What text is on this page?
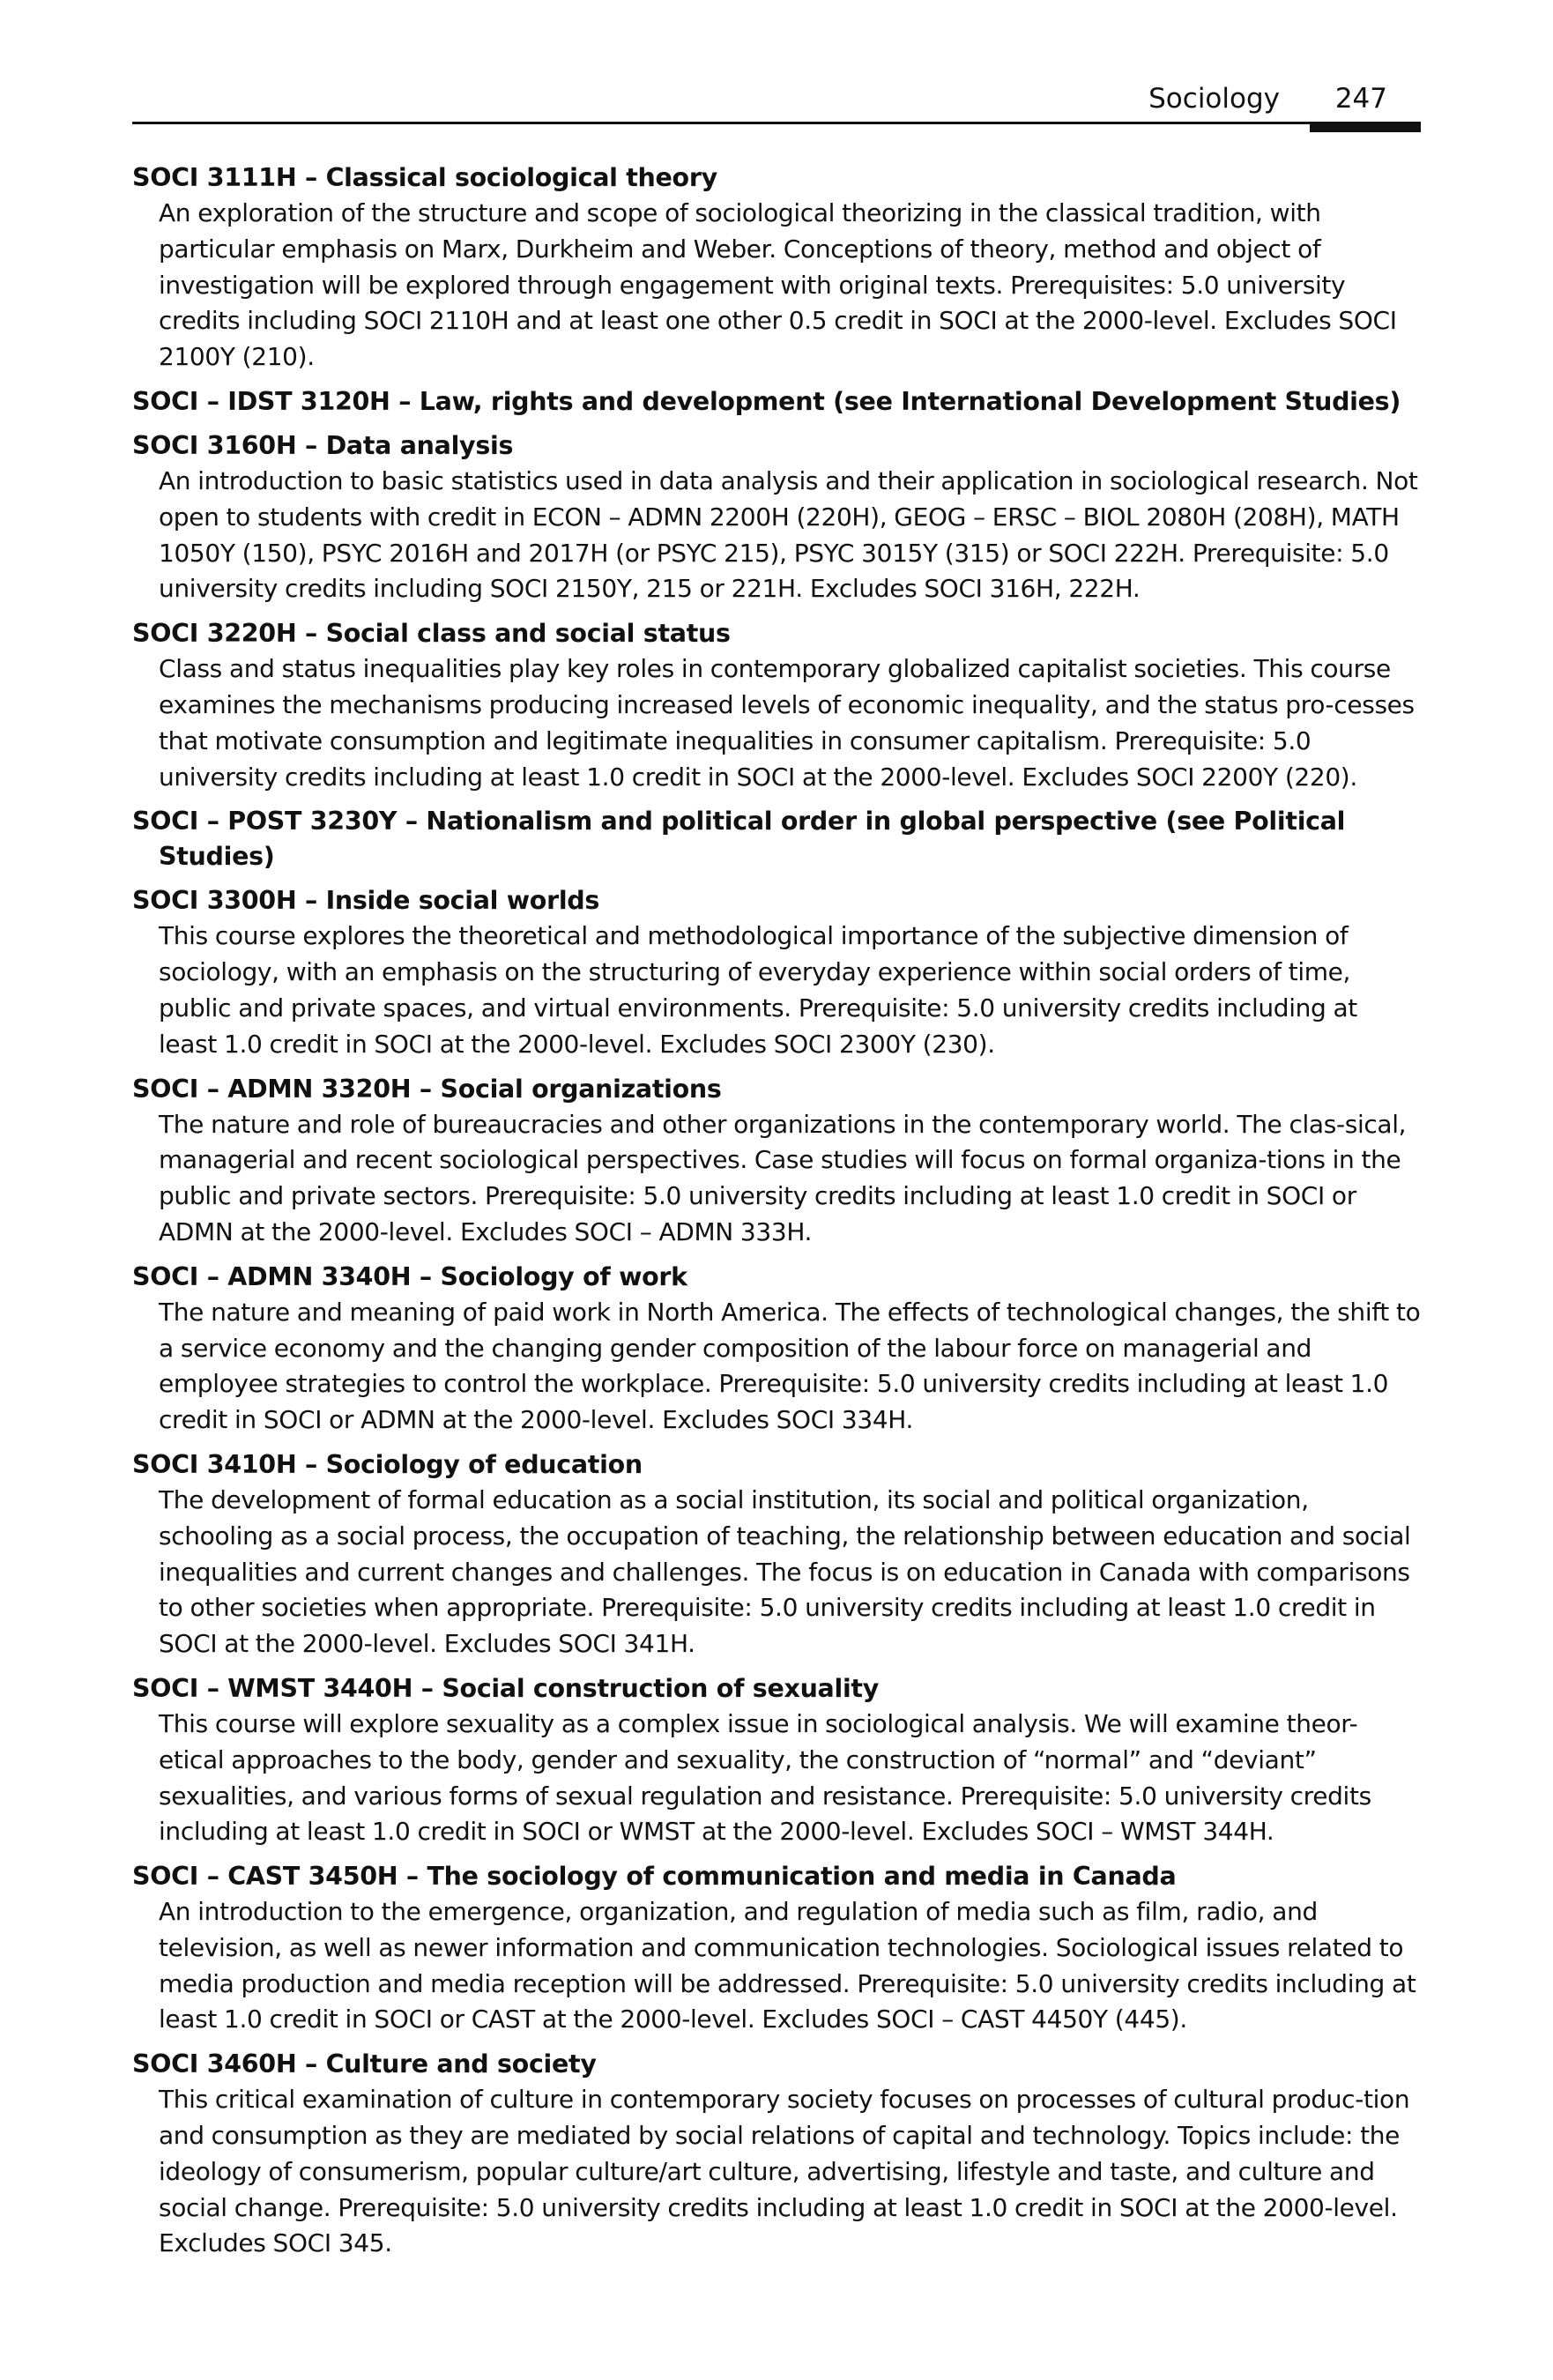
Sociology 247
SOCI 3111H – Classical sociological theory
An exploration of the structure and scope of sociological theorizing in the classical tradition, with particular emphasis on Marx, Durkheim and Weber. Conceptions of theory, method and object of investigation will be explored through engagement with original texts. Prerequisites: 5.0 university credits including SOCI 2110H and at least one other 0.5 credit in SOCI at the 2000-level. Excludes SOCI 2100Y (210).
SOCI – IDST 3120H – Law, rights and development (see International Development Studies)
SOCI 3160H – Data analysis
An introduction to basic statistics used in data analysis and their application in sociological research. Not open to students with credit in ECON – ADMN 2200H (220H), GEOG – ERSC – BIOL 2080H (208H), MATH 1050Y (150), PSYC 2016H and 2017H (or PSYC 215), PSYC 3015Y (315) or SOCI 222H. Prerequisite: 5.0 university credits including SOCI 2150Y, 215 or 221H. Excludes SOCI 316H, 222H.
SOCI 3220H – Social class and social status
Class and status inequalities play key roles in contemporary globalized capitalist societies. This course examines the mechanisms producing increased levels of economic inequality, and the status pro-cesses that motivate consumption and legitimate inequalities in consumer capitalism. Prerequisite: 5.0 university credits including at least 1.0 credit in SOCI at the 2000-level. Excludes SOCI 2200Y (220).
SOCI – POST 3230Y – Nationalism and political order in global perspective (see Political Studies)
SOCI 3300H – Inside social worlds
This course explores the theoretical and methodological importance of the subjective dimension of sociology, with an emphasis on the structuring of everyday experience within social orders of time, public and private spaces, and virtual environments. Prerequisite: 5.0 university credits including at least 1.0 credit in SOCI at the 2000-level. Excludes SOCI 2300Y (230).
SOCI – ADMN 3320H – Social organizations
The nature and role of bureaucracies and other organizations in the contemporary world. The clas-sical, managerial and recent sociological perspectives. Case studies will focus on formal organiza-tions in the public and private sectors. Prerequisite: 5.0 university credits including at least 1.0 credit in SOCI or ADMN at the 2000-level. Excludes SOCI – ADMN 333H.
SOCI – ADMN 3340H – Sociology of work
The nature and meaning of paid work in North America. The effects of technological changes, the shift to a service economy and the changing gender composition of the labour force on managerial and employee strategies to control the workplace. Prerequisite: 5.0 university credits including at least 1.0 credit in SOCI or ADMN at the 2000-level. Excludes SOCI 334H.
SOCI 3410H – Sociology of education
The development of formal education as a social institution, its social and political organization, schooling as a social process, the occupation of teaching, the relationship between education and social inequalities and current changes and challenges. The focus is on education in Canada with comparisons to other societies when appropriate. Prerequisite: 5.0 university credits including at least 1.0 credit in SOCI at the 2000-level. Excludes SOCI 341H.
SOCI – WMST 3440H – Social construction of sexuality
This course will explore sexuality as a complex issue in sociological analysis. We will examine theor-etical approaches to the body, gender and sexuality, the construction of “normal” and “deviant” sexualities, and various forms of sexual regulation and resistance. Prerequisite: 5.0 university credits including at least 1.0 credit in SOCI or WMST at the 2000-level. Excludes SOCI – WMST 344H.
SOCI – CAST 3450H – The sociology of communication and media in Canada
An introduction to the emergence, organization, and regulation of media such as film, radio, and television, as well as newer information and communication technologies. Sociological issues related to media production and media reception will be addressed. Prerequisite: 5.0 university credits including at least 1.0 credit in SOCI or CAST at the 2000-level. Excludes SOCI – CAST 4450Y (445).
SOCI 3460H – Culture and society
This critical examination of culture in contemporary society focuses on processes of cultural produc-tion and consumption as they are mediated by social relations of capital and technology. Topics include: the ideology of consumerism, popular culture/art culture, advertising, lifestyle and taste, and culture and social change. Prerequisite: 5.0 university credits including at least 1.0 credit in SOCI at the 2000-level. Excludes SOCI 345.
